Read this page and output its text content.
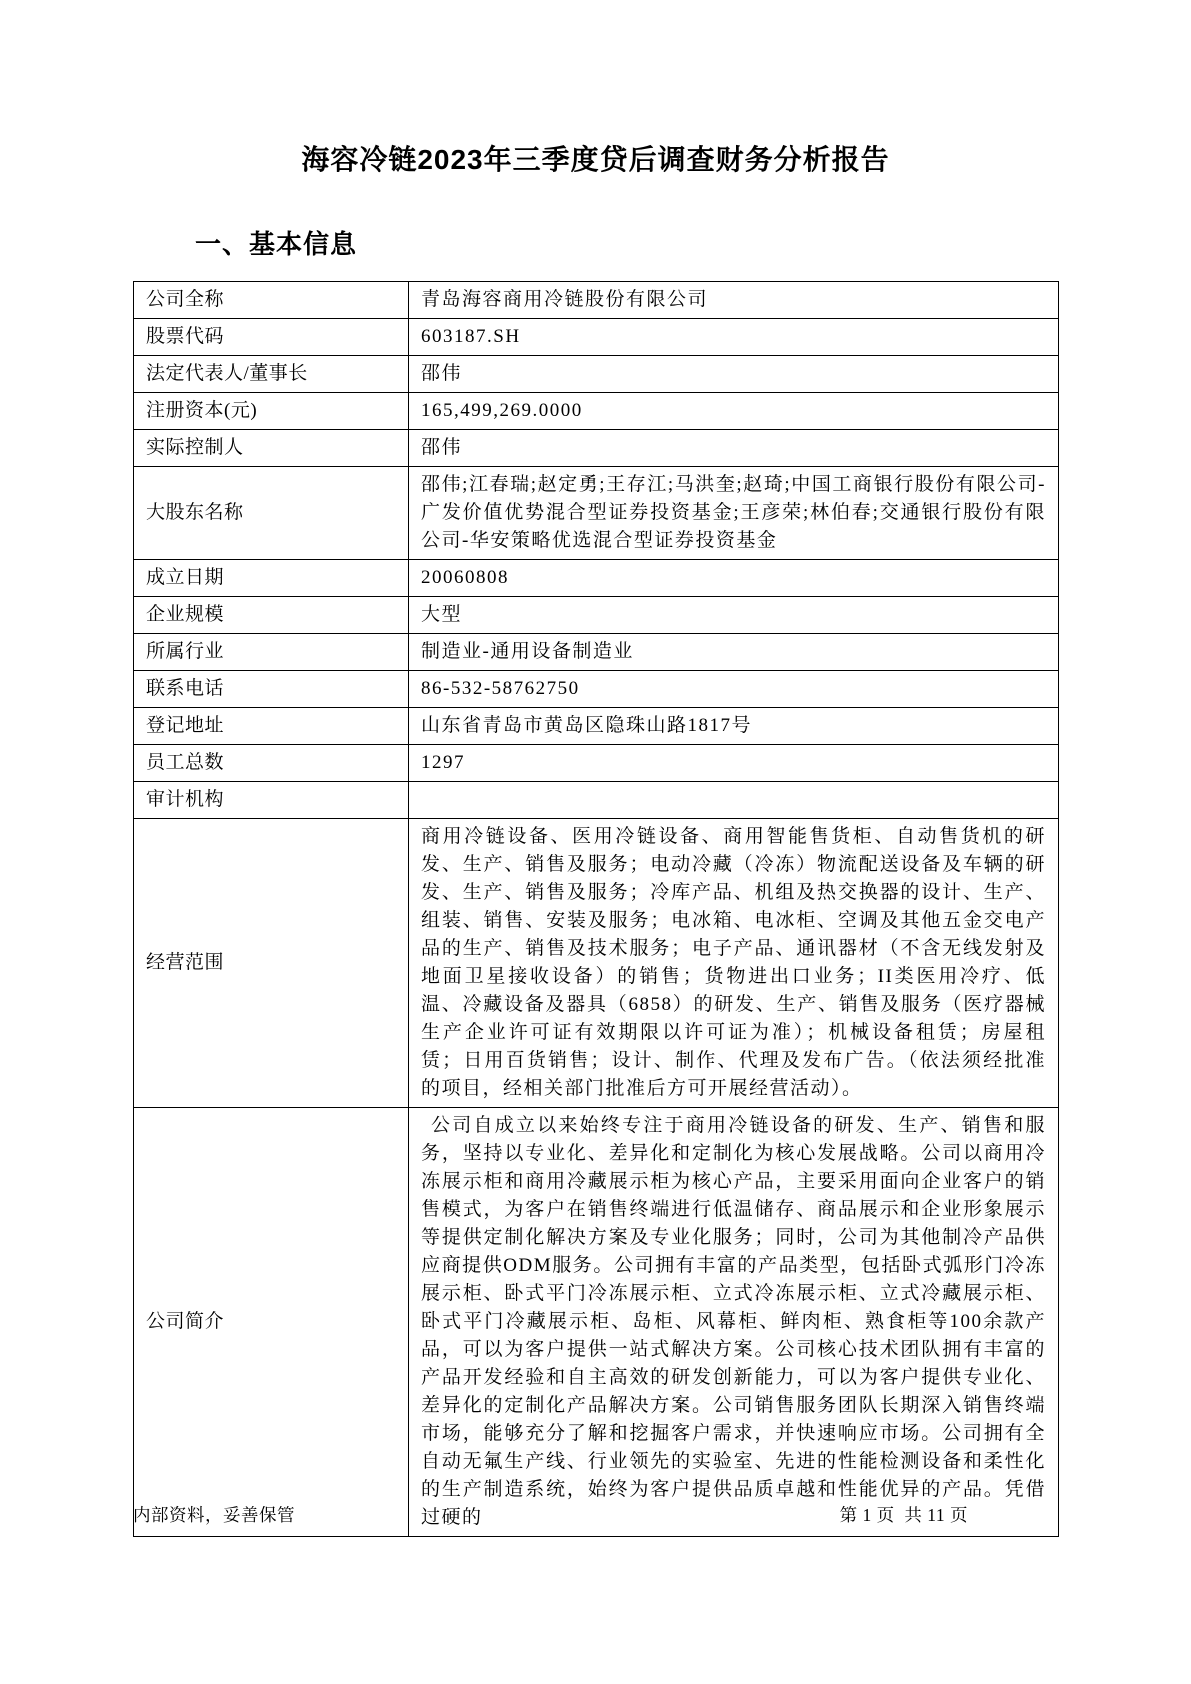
海容冷链2023年三季度贷后调查财务分析报告
一、基本信息
公司全称	青岛海容商用冷链股份有限公司
股票代码	603187.SH
法定代表人/董事长	邵伟
注册资本(元)	165,499,269.0000
实际控制人	邵伟
大股东名称	邵伟;江春瑞;赵定勇;王存江;马洪奎;赵琦;中国工商银行股份有限公司-广发价值优势混合型证券投资基金;王彦荣;林伯春;交通银行股份有限公司-华安策略优选混合型证券投资基金
成立日期	20060808
企业规模	大型
所属行业	制造业-通用设备制造业
联系电话	86-532-58762750
登记地址	山东省青岛市黄岛区隐珠山路1817号
员工总数	1297
审计机构	
经营范围	商用冷链设备、医用冷链设备、商用智能售货柜、自动售货机的研发、生产、销售及服务；电动冷藏（冷冻）物流配送设备及车辆的研发、生产、销售及服务；冷库产品、机组及热交换器的设计、生产、组装、销售、安装及服务；电冰箱、电冰柜、空调及其他五金交电产品的生产、销售及技术服务；电子产品、通讯器材（不含无线发射及地面卫星接收设备）的销售；货物进出口业务；II类医用冷疗、低温、冷藏设备及器具（6858）的研发、生产、销售及服务（医疗器械生产企业许可证有效期限以许可证为准）；机械设备租赁；房屋租赁；日用百货销售；设计、制作、代理及发布广告。（依法须经批准的项目，经相关部门批准后方可开展经营活动）。
公司简介	公司自成立以来始终专注于商用冷链设备的研发、生产、销售和服务，坚持以专业化、差异化和定制化为核心发展战略。公司以商用冷冻展示柜和商用冷藏展示柜为核心产品，主要采用面向企业客户的销售模式，为客户在销售终端进行低温储存、商品展示和企业形象展示等提供定制化解决方案及专业化服务；同时，公司为其他制冷产品供应商提供ODM服务。公司拥有丰富的产品类型，包括卧式弧形门冷冻展示柜、卧式平门冷冻展示柜、立式冷冻展示柜、立式冷藏展示柜、卧式平门冷藏展示柜、岛柜、风幕柜、鲜肉柜、熟食柜等100余款产品，可以为客户提供一站式解决方案。公司核心技术团队拥有丰富的产品开发经验和自主高效的研发创新能力，可以为客户提供专业化、差异化的定制化产品解决方案。公司销售服务团队长期深入销售终端市场，能够充分了解和挖掘客户需求，并快速响应市场。公司拥有全自动无氟生产线、行业领先的实验室、先进的性能检测设备和柔性化的生产制造系统，始终为客户提供品质卓越和性能优异的产品。凭借过硬的
内部资料，妥善保管	第 1 页  共 11 页
